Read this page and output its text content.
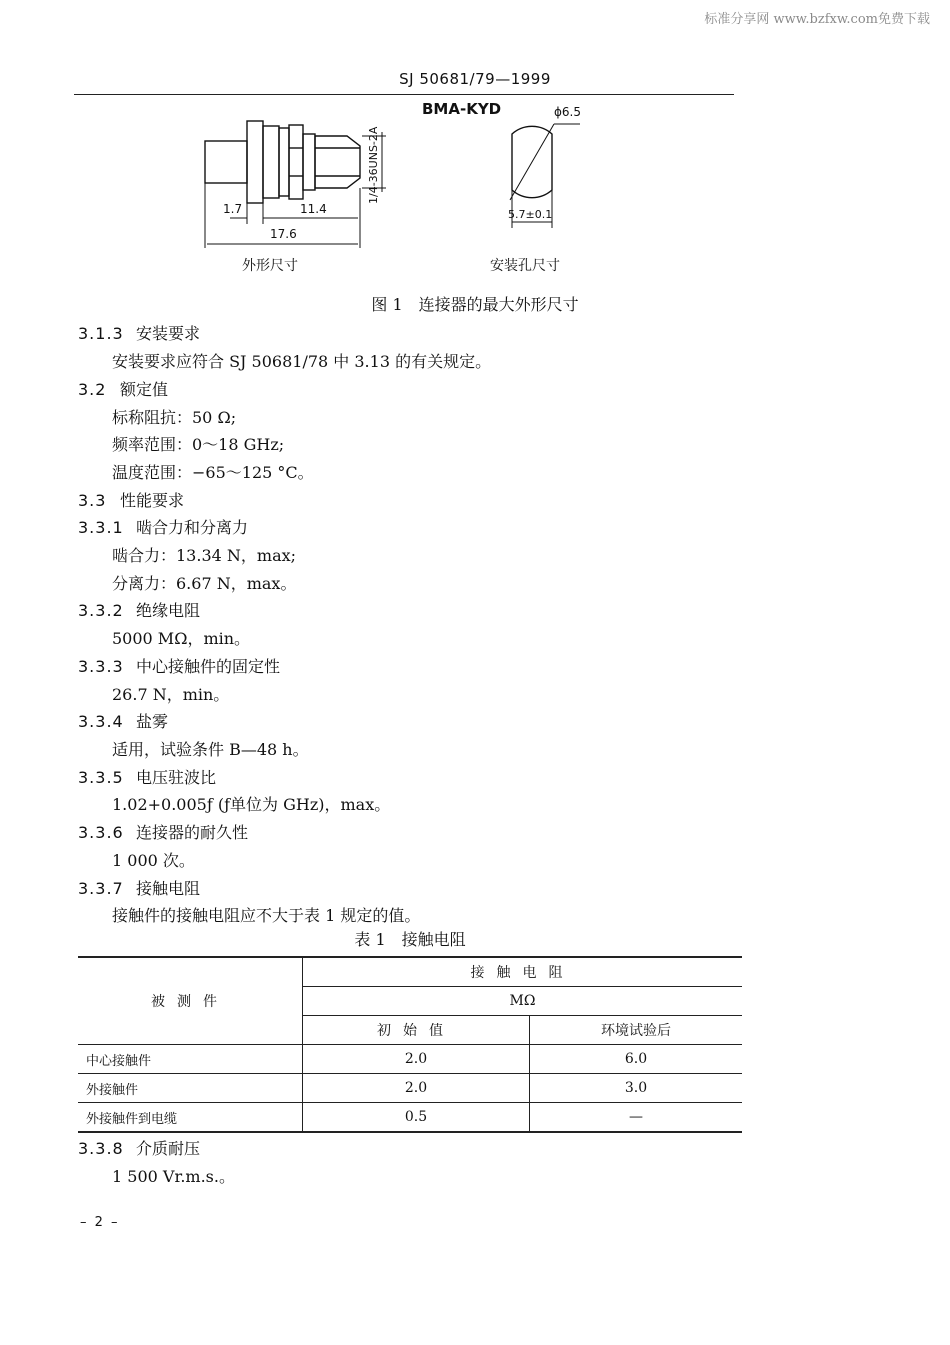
标准分享网 www.bzfxw.com免费下载
SJ 50681/79—1999
BMA-KYD
1/4-36UNS-2A
1.7	11.4
17.6
外形尺寸
ϕ6.5
5.7±0.1
安装孔尺寸
图 1　连接器的最大外形尺寸
3.1.3 安装要求
安装要求应符合 SJ 50681/78 中 3.13 的有关规定。
3.2 额定值
标称阻抗：50 Ω;
频率范围：0～18 GHz;
温度范围：−65～125 °C。
3.3 性能要求
3.3.1 啮合力和分离力
啮合力：13.34 N，max;
分离力：6.67 N，max。
3.3.2 绝缘电阻
5000 MΩ，min。
3.3.3 中心接触件的固定性
26.7 N，min。
3.3.4 盐雾
适用，试验条件 B—48 h。
3.3.5 电压驻波比
1.02+0.005ƒ (ƒ单位为 GHz)，max。
3.3.6 连接器的耐久性
1 000 次。
3.3.7 接触电阻
接触件的接触电阻应不大于表 1 规定的值。
表 1　接触电阻
被测件	接触电阻	
	MΩ	
	初始值	环境试验后
中心接触件	2.0	6.0
外接触件	2.0	3.0
外接触件到电缆	0.5	—
3.3.8 介质耐压
1 500 Vr.m.s.。
– 2 –
